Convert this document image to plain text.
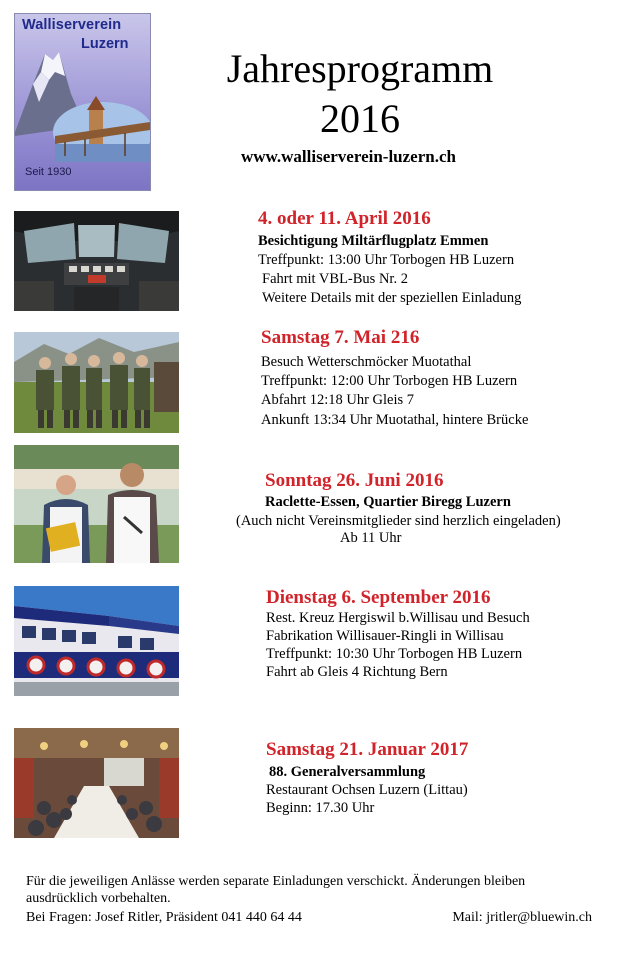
Walliserverein
Luzern
Seit 1930
Jahresprogramm
2016
www.walliserverein-luzern.ch
4. oder 11. April 2016
Besichtigung Miltärflugplatz Emmen
Treffpunkt: 13:00 Uhr Torbogen HB Luzern
Fahrt mit VBL-Bus Nr. 2
Weitere Details mit der speziellen Einladung
Samstag 7. Mai 216
Besuch Wetterschmöcker Muotathal
Treffpunkt: 12:00 Uhr Torbogen HB Luzern
Abfahrt 12:18 Uhr Gleis 7
Ankunft 13:34 Uhr Muotathal, hintere Brücke
Sonntag 26. Juni 2016
Raclette-Essen, Quartier Biregg Luzern
(Auch nicht Vereinsmitglieder sind herzlich eingeladen)
Ab 11 Uhr
Dienstag 6. September 2016
Rest. Kreuz Hergiswil b.Willisau und Besuch
Fabrikation Willisauer-Ringli in Willisau
Treffpunkt: 10:30 Uhr Torbogen HB Luzern
Fahrt ab Gleis 4 Richtung Bern
Samstag 21. Januar 2017
88. Generalversammlung
Restaurant Ochsen Luzern (Littau)
Beginn: 17.30 Uhr
Für die jeweiligen Anlässe werden separate Einladungen verschickt. Änderungen bleiben
ausdrücklich vorbehalten.
Bei Fragen: Josef Ritler, Präsident 041 440 64 44	Mail: jritler@bluewin.ch
